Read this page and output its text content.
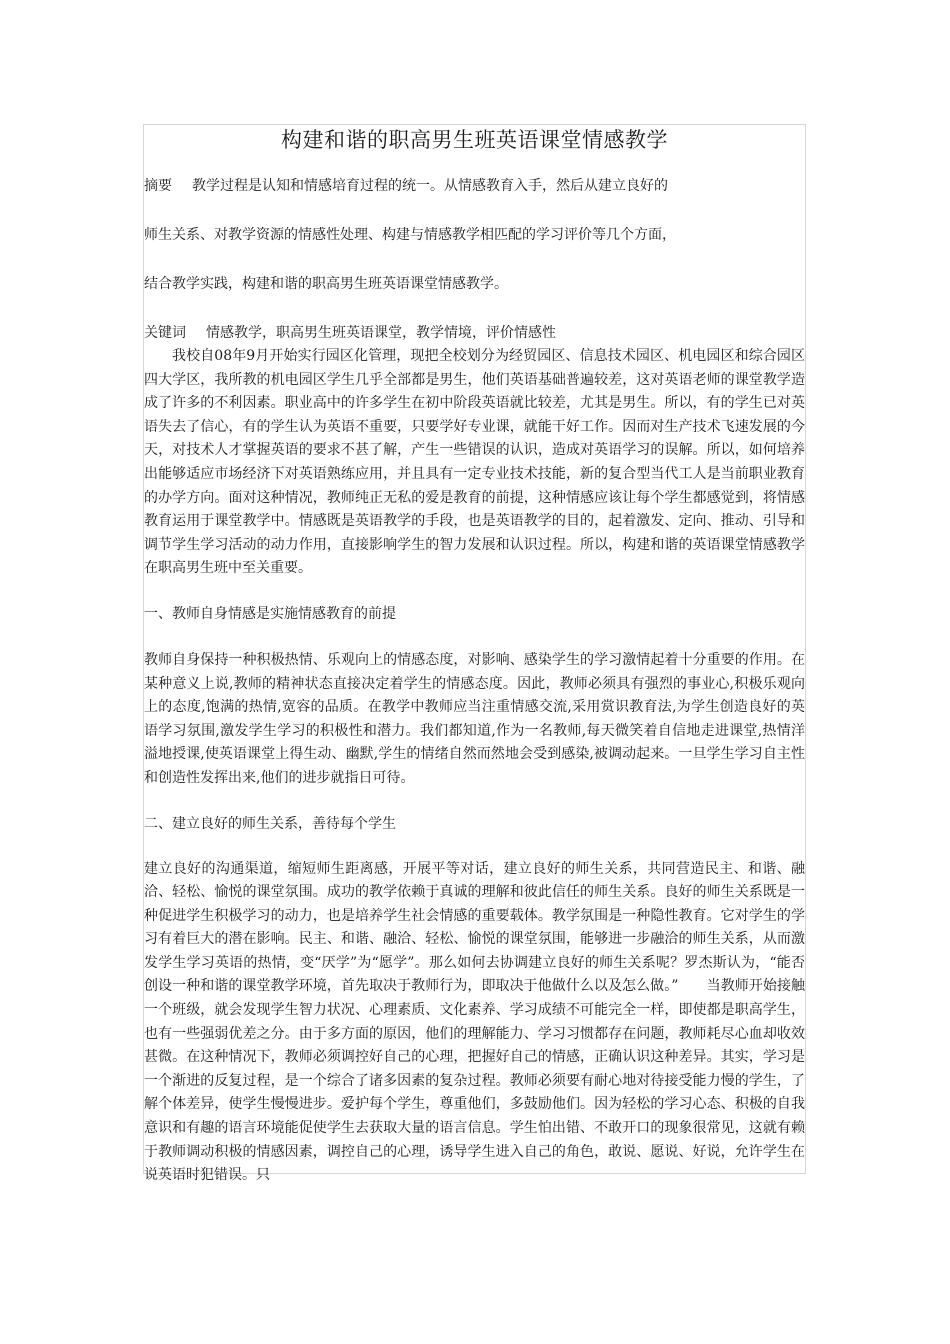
构建和谐的职高男生班英语课堂情感教学
摘要 教学过程是认知和情感培育过程的统一。从情感教育入手，然后从建立良好的
师生关系、对教学资源的情感性处理、构建与情感教学相匹配的学习评价等几个方面，
结合教学实践，构建和谐的职高男生班英语课堂情感教学。
关键词 情感教学，职高男生班英语课堂，教学情境，评价情感性

我校自08年9月开始实行园区化管理，现把全校划分为经贸园区、信息技术园区、机电园区和综合园区四大学区，我所教的机电园区学生几乎全部都是男生，他们英语基础普遍较差，这对英语老师的课堂教学造成了许多的不利因素。职业高中的许多学生在初中阶段英语就比较差，尤其是男生。所以，有的学生已对英语失去了信心，有的学生认为英语不重要，只要学好专业课，就能干好工作。因而对生产技术飞速发展的今天，对技术人才掌握英语的要求不甚了解，产生一些错误的认识，造成对英语学习的误解。所以，如何培养出能够适应市场经济下对英语熟练应用，并且具有一定专业技术技能，新的复合型当代工人是当前职业教育的办学方向。面对这种情况，教师纯正无私的爱是教育的前提，这种情感应该让每个学生都感觉到，将情感教育运用于课堂教学中。情感既是英语教学的手段，也是英语教学的目的，起着激发、定向、推动、引导和调节学生学习活动的动力作用，直接影响学生的智力发展和认识过程。所以，构建和谐的英语课堂情感教学在职高男生班中至关重要。

一、教师自身情感是实施情感教育的前提

教师自身保持一种积极热情、乐观向上的情感态度，对影响、感染学生的学习激情起着十分重要的作用。在某种意义上说,教师的精神状态直接决定着学生的情感态度。因此，教师必须具有强烈的事业心,积极乐观向上的态度,饱满的热情,宽容的品质。在教学中教师应当注重情感交流,采用赏识教育法,为学生创造良好的英语学习氛围,激发学生学习的积极性和潜力。我们都知道,作为一名教师,每天微笑着自信地走进课堂,热情洋溢地授课,使英语课堂上得生动、幽默,学生的情绪自然而然地会受到感染,被调动起来。一旦学生学习自主性和创造性发挥出来,他们的进步就指日可待。

二、建立良好的师生关系，善待每个学生

建立良好的沟通渠道，缩短师生距离感，开展平等对话，建立良好的师生关系，共同营造民主、和谐、融洽、轻松、愉悦的课堂氛围。成功的教学依赖于真诚的理解和彼此信任的师生关系。良好的师生关系既是一种促进学生积极学习的动力，也是培养学生社会情感的重要载体。教学氛围是一种隐性教育。它对学生的学习有着巨大的潜在影响。民主、和谐、融洽、轻松、愉悦的课堂氛围，能够进一步融洽的师生关系，从而激发学生学习英语的热情，变“厌学”为“愿学”。那么如何去协调建立良好的师生关系呢？罗杰斯认为，“能否创设一种和谐的课堂教学环境，首先取决于教师行为，即取决于他做什么以及怎么做。”　　当教师开始接触一个班级，就会发现学生智力状况、心理素质、文化素养、学习成绩不可能完全一样，即使都是职高学生，也有一些强弱优差之分。由于多方面的原因，他们的理解能力、学习习惯都存在问题，教师耗尽心血却收效甚微。在这种情况下，教师必须调控好自己的心理，把握好自己的情感，正确认识这种差异。其实，学习是一个渐进的反复过程，是一个综合了诸多因素的复杂过程。教师必须要有耐心地对待接受能力慢的学生，了解个体差异，使学生慢慢进步。爱护每个学生，尊重他们，多鼓励他们。因为轻松的学习心态、积极的自我意识和有趣的语言环境能促使学生去获取大量的语言信息。学生怕出错、不敢开口的现象很常见，这就有赖于教师调动积极的情感因素，调控自己的心理，诱导学生进入自己的角色，敢说、愿说、好说，允许学生在说英语时犯错误。只
